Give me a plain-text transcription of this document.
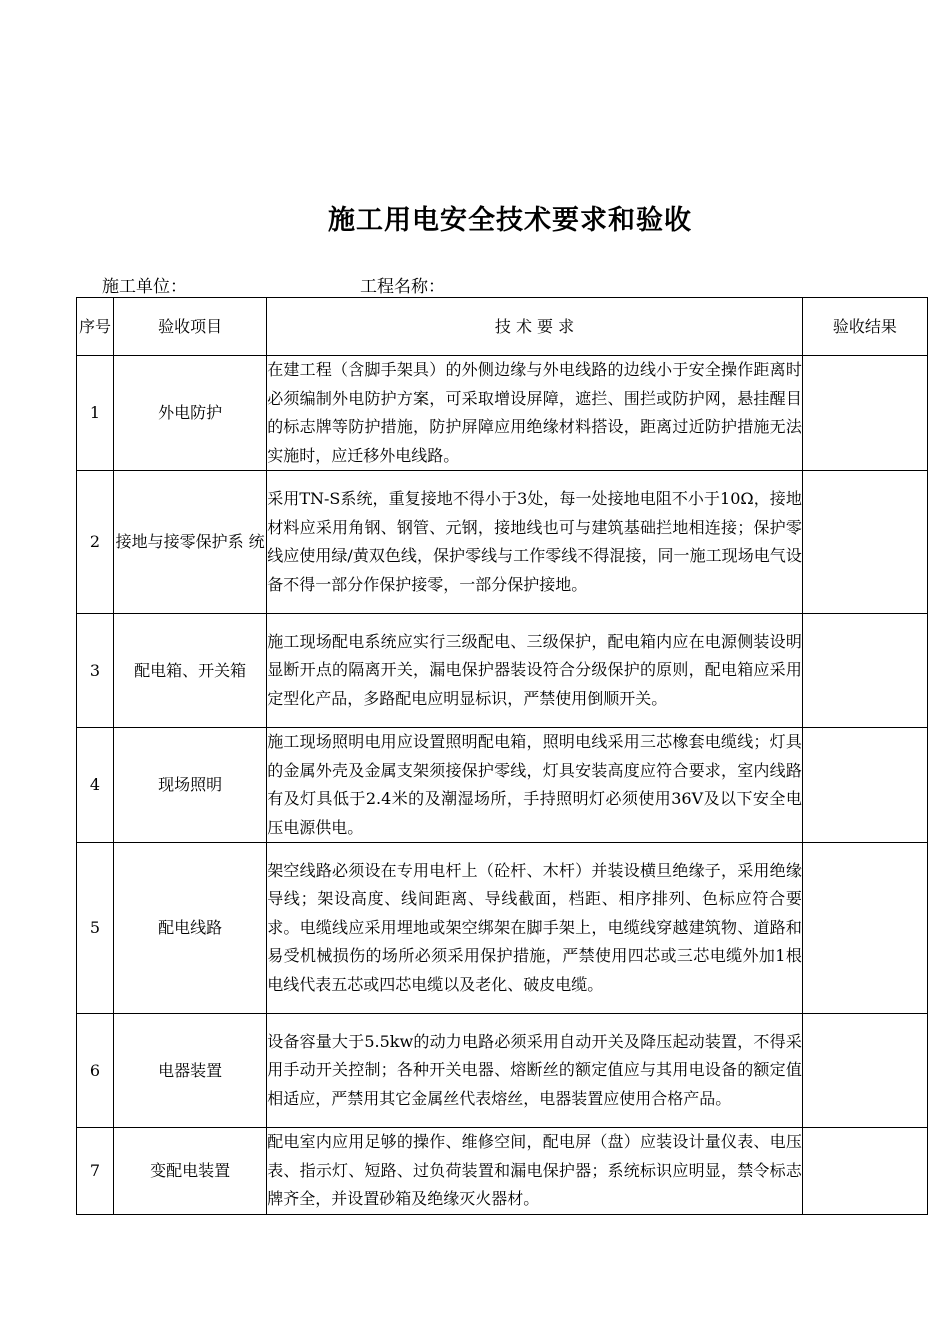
施工用电安全技术要求和验收
施工单位：	工程名称：
序号	验收项目	技 术 要 求	验收结果
1	外电防护	在建工程（含脚手架具）的外侧边缘与外电线路的边线小于安全操作距离时必须编制外电防护方案，可采取增设屏障，遮拦、围拦或防护网，悬挂醒目的标志牌等防护措施，防护屏障应用绝缘材料搭设，距离过近防护措施无法实施时，应迁移外电线路。	
2	接地与接零保护系 统	采用TN-S系统，重复接地不得小于3处，每一处接地电阻不小于10Ω，接地材料应采用角钢、钢管、元钢，接地线也可与建筑基础拦地相连接；保护零线应使用绿/黄双色线，保护零线与工作零线不得混接，同一施工现场电气设备不得一部分作保护接零，一部分保护接地。	
3	配电箱、开关箱	施工现场配电系统应实行三级配电、三级保护，配电箱内应在电源侧装设明显断开点的隔离开关，漏电保护器装设符合分级保护的原则，配电箱应采用定型化产品，多路配电应明显标识，严禁使用倒顺开关。	
4	现场照明	施工现场照明电用应设置照明配电箱，照明电线采用三芯橡套电缆线；灯具的金属外壳及金属支架须接保护零线，灯具安装高度应符合要求，室内线路有及灯具低于2.4米的及潮湿场所，手持照明灯必须使用36V及以下安全电压电源供电。	
5	配电线路	架空线路必须设在专用电杆上（砼杆、木杆）并装设横旦绝缘子，采用绝缘导线；架设高度、线间距离、导线截面，档距、相序排列、色标应符合要求。电缆线应采用埋地或架空绑架在脚手架上，电缆线穿越建筑物、道路和易受机械损伤的场所必须采用保护措施，严禁使用四芯或三芯电缆外加1根电线代表五芯或四芯电缆以及老化、破皮电缆。	
6	电器装置	设备容量大于5.5kw的动力电路必须采用自动开关及降压起动装置，不得采用手动开关控制；各种开关电器、熔断丝的额定值应与其用电设备的额定值相适应，严禁用其它金属丝代表熔丝，电器装置应使用合格产品。	
7	变配电装置	配电室内应用足够的操作、维修空间，配电屏（盘）应装设计量仪表、电压表、指示灯、短路、过负荷装置和漏电保护器；系统标识应明显，禁令标志牌齐全，并设置砂箱及绝缘灭火器材。	
